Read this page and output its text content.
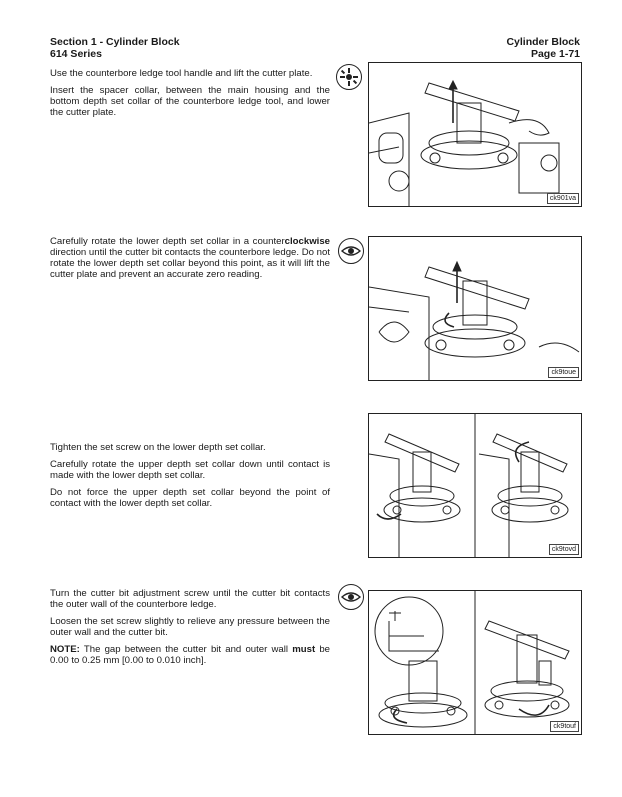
Section 1 - Cylinder Block
614 Series
Cylinder Block
Page 1-71

Use the counterbore ledge tool handle and lift the cutter plate.

Insert the spacer collar, between the main housing and the bottom depth set collar of the counterbore ledge tool, and lower the cutter plate.

ck901va

Carefully rotate the lower depth set collar in a counterclockwise direction until the cutter bit contacts the counterbore ledge. Do not rotate the lower depth set collar beyond this point, as it will lift the cutter plate and prevent an accurate zero reading.

ck9toue

Tighten the set screw on the lower depth set collar.

Carefully rotate the upper depth set collar down until contact is made with the lower depth set collar.

Do not force the upper depth set collar beyond the point of contact with the lower depth set collar.

ck9tovd

Turn the cutter bit adjustment screw until the cutter bit contacts the outer wall of the counterbore ledge.

Loosen the set screw slightly to relieve any pressure between the outer wall and the cutter bit.

NOTE: The gap between the cutter bit and outer wall must be 0.00 to 0.25 mm [0.00 to 0.010 inch].

ck9touf
